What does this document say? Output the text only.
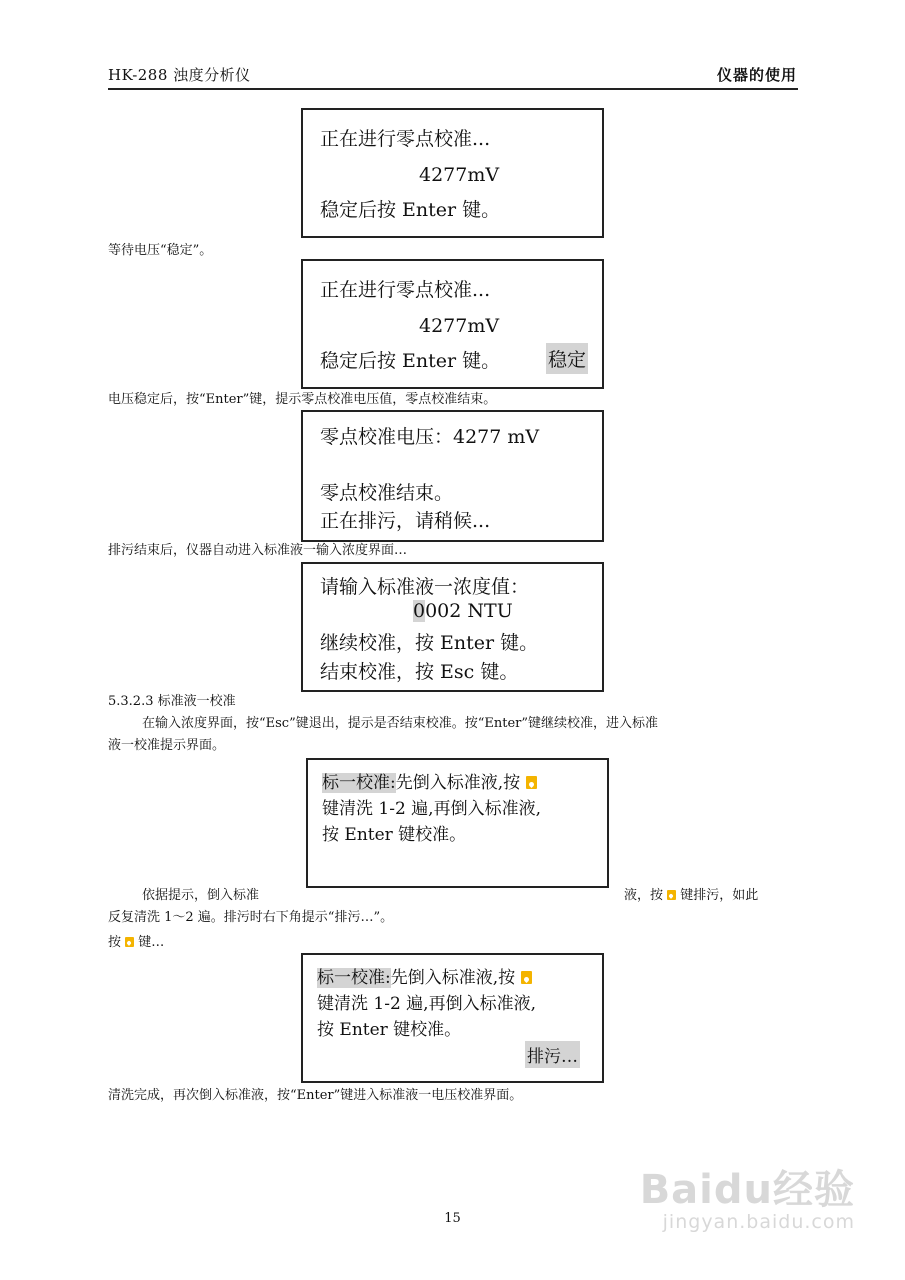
HK-288 浊度分析仪	仪器的使用
正在进行零点校准...
4277mV
稳定后按 Enter 键。
等待电压“稳定”。
正在进行零点校准...
4277mV
稳定后按 Enter 键。	稳定
电压稳定后，按“Enter”键，提示零点校准电压值，零点校准结束。
零点校准电压：4277 mV
零点校准结束。
正在排污，请稍候...
排污结束后，仪器自动进入标准液一输入浓度界面…
请输入标准液一浓度值：
0002 NTU
继续校准，按 Enter 键。
结束校准，按 Esc 键。
5.3.2.3 标准液一校准
在输入浓度界面，按“Esc”键退出，提示是否结束校准。按“Enter”键继续校准，进入标准
液一校准提示界面。
标一校准:先倒入标准液,按
键清洗 1-2 遍,再倒入标准液,
按 Enter 键校准。
依据提示，倒入标准	液，按 键排污，如此
反复清洗 1～2 遍。排污时右下角提示“排污…”。
按 键…
标一校准:先倒入标准液,按
键清洗 1-2 遍,再倒入标准液,
按 Enter 键校准。
排污…
清洗完成，再次倒入标准液，按“Enter”键进入标准液一电压校准界面。
15
Baidu经验
jingyan.baidu.com
